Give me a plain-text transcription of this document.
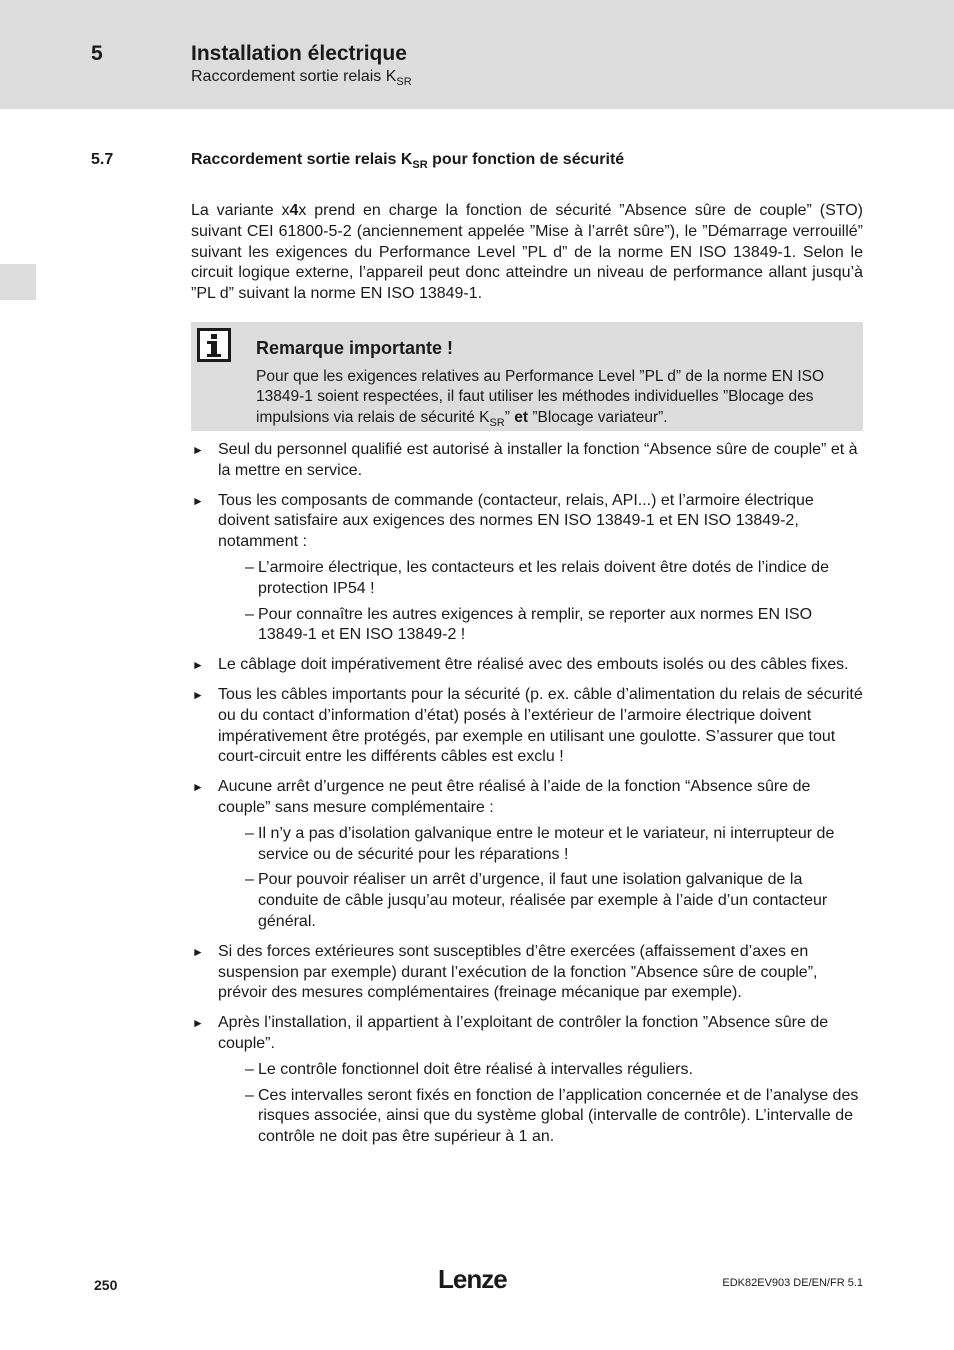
5	Installation électrique
Raccordement sortie relais $K_{SR}$
5.7	Raccordement sortie relais $K_{SR}$ pour fonction de sécurité
La variante x4x prend en charge la fonction de sécurité ”Absence sûre de couple” (STO) suivant CEI 61800-5-2 (anciennement appelée ”Mise à l’arrêt sûre”), le ”Démarrage verrouillé” suivant les exigences du Performance Level ”PL d” de la norme EN ISO 13849-1. Selon le circuit logique externe, l’appareil peut donc atteindre un niveau de performance allant jusqu’à ”PL d” suivant la norme EN ISO 13849-1.
Remarque importante !
Pour que les exigences relatives au Performance Level ”PL d” de la norme EN ISO 13849-1 soient respectées, il faut utiliser les méthodes individuelles ”Blocage des impulsions via relais de sécurité $K_{SR}$” et ”Blocage variateur”.
► Seul du personnel qualifié est autorisé à installer la fonction “Absence sûre de couple” et à la mettre en service.
► Tous les composants de commande (contacteur, relais, API...) et l’armoire électrique doivent satisfaire aux exigences des normes EN ISO 13849-1 et EN ISO 13849-2, notamment :
– L’armoire électrique, les contacteurs et les relais doivent être dotés de l’indice de protection IP54 !
– Pour connaître les autres exigences à remplir, se reporter aux normes EN ISO 13849-1 et EN ISO 13849-2 !
► Le câblage doit impérativement être réalisé avec des embouts isolés ou des câbles fixes.
► Tous les câbles importants pour la sécurité (p. ex. câble d’alimentation du relais de sécurité ou du contact d’information d’état) posés à l’extérieur de l’armoire électrique doivent impérativement être protégés, par exemple en utilisant une goulotte. S’assurer que tout court-circuit entre les différents câbles est exclu !
► Aucune arrêt d’urgence ne peut être réalisé à l’aide de la fonction “Absence sûre de couple” sans mesure complémentaire :
– Il n’y a pas d’isolation galvanique entre le moteur et le variateur, ni interrupteur de service ou de sécurité pour les réparations !
– Pour pouvoir réaliser un arrêt d’urgence, il faut une isolation galvanique de la conduite de câble jusqu’au moteur, réalisée par exemple à l’aide d’un contacteur général.
► Si des forces extérieures sont susceptibles d’être exercées (affaissement d’axes en suspension par exemple) durant l’exécution de la fonction ”Absence sûre de couple”, prévoir des mesures complémentaires (freinage mécanique par exemple).
► Après l’installation, il appartient à l’exploitant de contrôler la fonction ”Absence sûre de couple”.
– Le contrôle fonctionnel doit être réalisé à intervalles réguliers.
– Ces intervalles seront fixés en fonction de l’application concernée et de l’analyse des risques associée, ainsi que du système global (intervalle de contrôle). L’intervalle de contrôle ne doit pas être supérieur à 1 an.
250	Lenze	EDK82EV903 DE/EN/FR 5.1
